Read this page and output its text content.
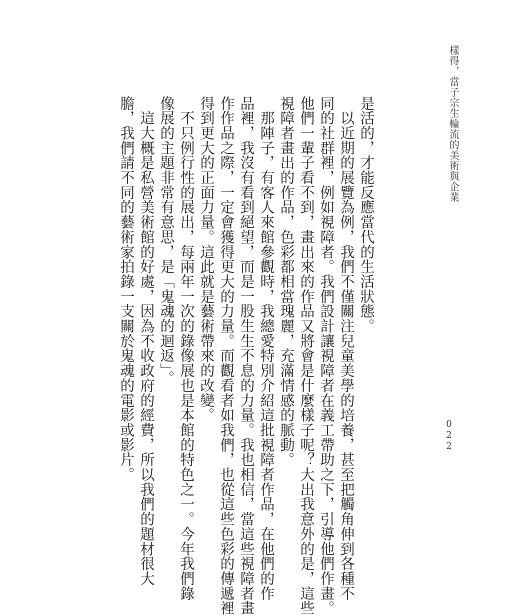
是活的，才能反應當代的生活狀態。
　以近期的展覽為例，我們不僅關注兒童美學的培養，甚至把觸角伸到各種不
同的社群裡，例如視障者。我們設計讓視障者在義工帶助之下，引導他們作畫。
他們一輩子看不到，畫出來的作品又將會是什麼樣子呢？大出我意外的是，這些
視障者畫出的作品，色彩都相當瑰麗，充滿情感的脈動。
　那陣子，有客人來館參觀時，我總愛特別介紹這批視障者作品，在他們的作
品裡，我沒有看到絕望，而是一股生生不息的力量。我也相信，當這些視障者畫
作作品之際，一定會獲得更大的力量。而觀看者如我們，也從這些色彩的傳遞裡
得到更大的正面力量。這此就是藝術帶來的改變。
　不只例行性的展出，每兩年一次的錄像展也是本館的特色之一。今年我們錄
像展的主題非常有意思，是「鬼魂的迴返」。
　這大概是私營美術館的好處，因為不收政府的經費，所以我們的題材很大
膽，我們請不同的藝術家拍錄一支關於鬼魂的電影或影片。	樣得，當子宗生輪流的美術與企業
022
